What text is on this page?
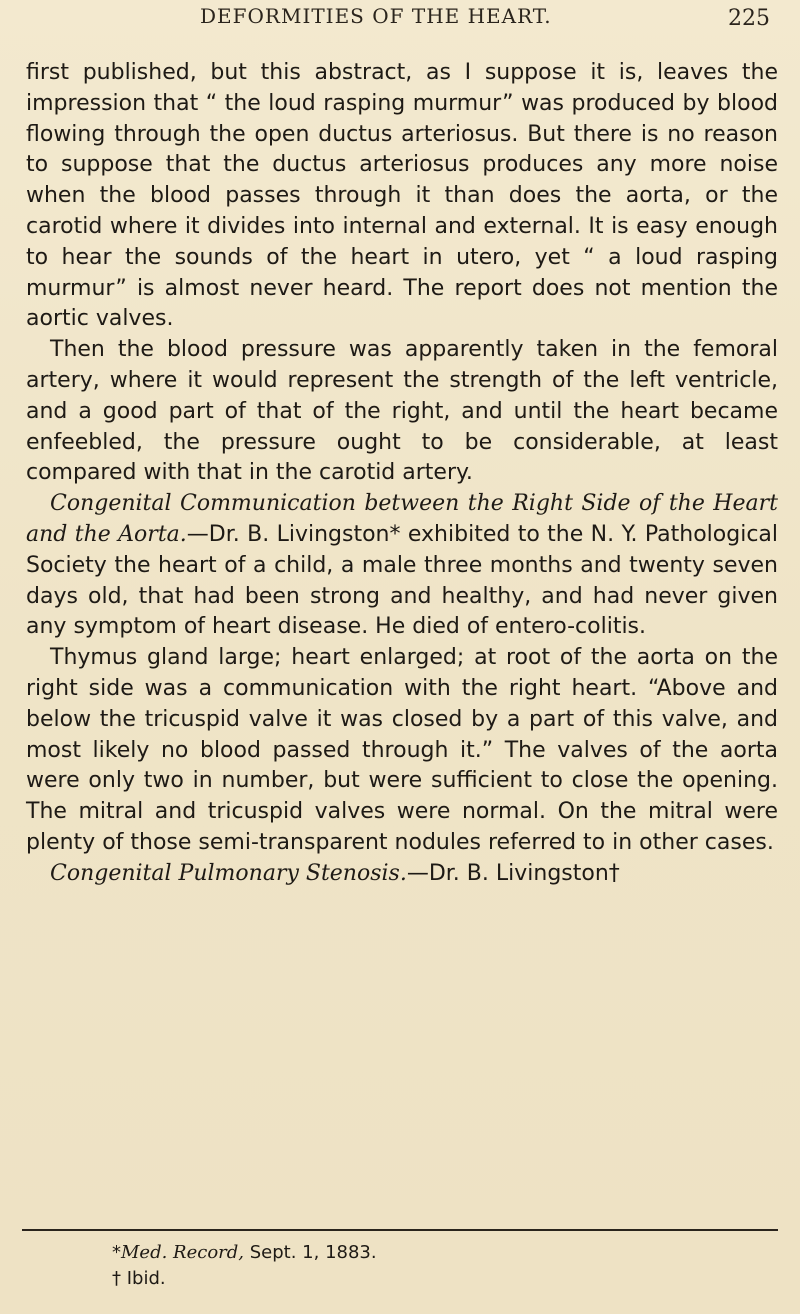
DEFORMITIES OF THE HEART.	225

first published, but this abstract, as I suppose it is, leaves the impression that “ the loud rasping murmur” was produced by blood flowing through the open ductus arteriosus. But there is no reason to suppose that the ductus arteriosus produces any more noise when the blood passes through it than does the aorta, or the carotid where it divides into internal and external. It is easy enough to hear the sounds of the heart in utero, yet “ a loud rasping murmur” is almost never heard. The report does not mention the aortic valves.

Then the blood pressure was apparently taken in the femoral artery, where it would represent the strength of the left ventricle, and a good part of that of the right, and until the heart became enfeebled, the pressure ought to be considerable, at least compared with that in the carotid artery.

Congenital Communication between the Right Side of the Heart and the Aorta.—Dr. B. Livingston* exhibited to the N. Y. Pathological Society the heart of a child, a male three months and twenty seven days old, that had been strong and healthy, and had never given any symptom of heart disease. He died of entero-colitis.

Thymus gland large; heart enlarged; at root of the aorta on the right side was a communication with the right heart. “Above and below the tricuspid valve it was closed by a part of this valve, and most likely no blood passed through it.” The valves of the aorta were only two in number, but were sufficient to close the opening. The mitral and tricuspid valves were normal. On the mitral were plenty of those semi-transparent nodules referred to in other cases.

Congenital Pulmonary Stenosis.—Dr. B. Livingston†

*Med. Record, Sept. 1, 1883.
† Ibid.
